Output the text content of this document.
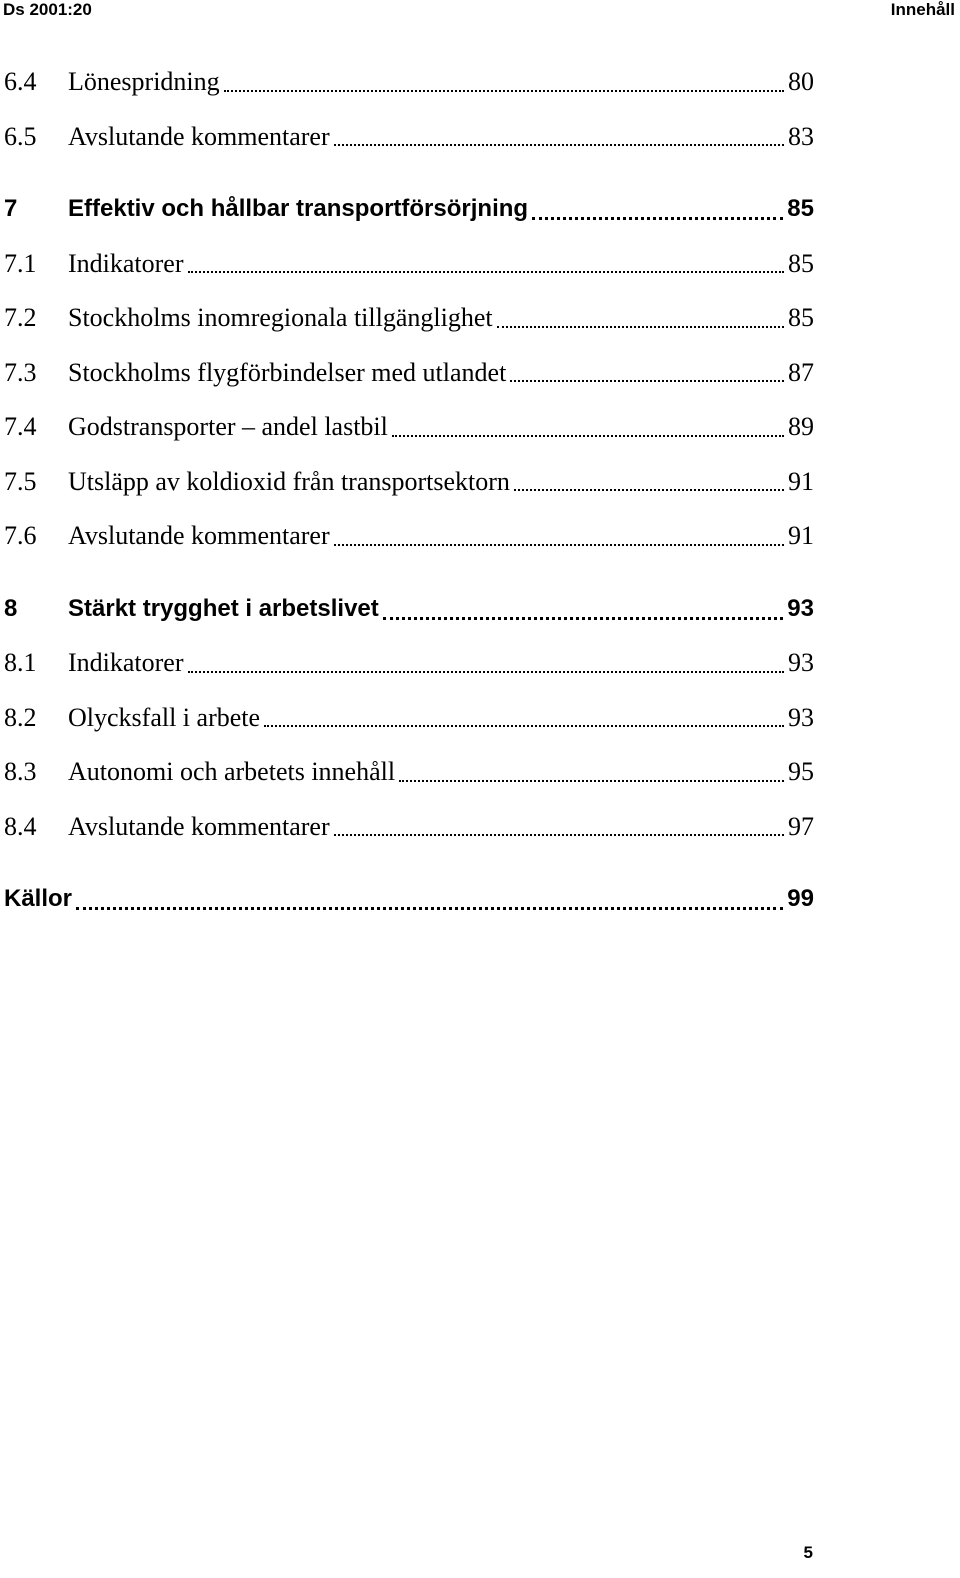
Ds 2001:20	Innehåll
6.4	Lönespridning	80
6.5	Avslutande kommentarer	83
7	Effektiv och hållbar transportförsörjning	85
7.1	Indikatorer	85
7.2	Stockholms inomregionala tillgänglighet	85
7.3	Stockholms flygförbindelser med utlandet	87
7.4	Godstransporter – andel lastbil	89
7.5	Utsläpp av koldioxid från transportsektorn	91
7.6	Avslutande kommentarer	91
8	Stärkt trygghet i arbetslivet	93
8.1	Indikatorer	93
8.2	Olycksfall i arbete	93
8.3	Autonomi och arbetets innehåll	95
8.4	Avslutande kommentarer	97
Källor	99
5
